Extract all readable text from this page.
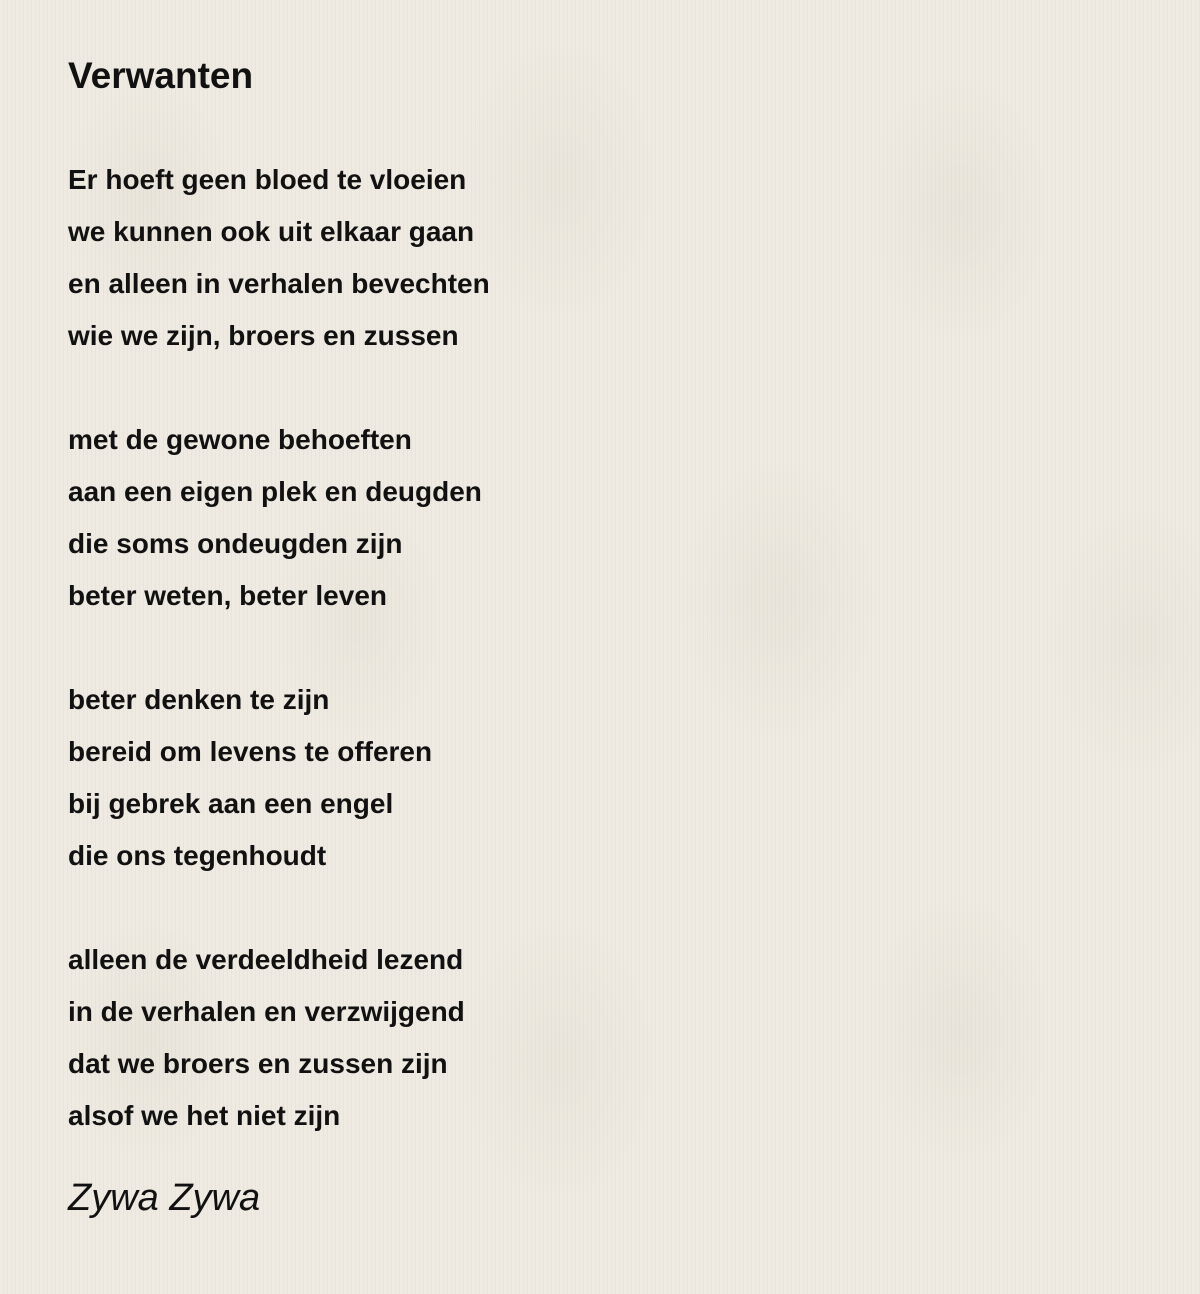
Verwanten
Er hoeft geen bloed te vloeien
we kunnen ook uit elkaar gaan
en alleen in verhalen bevechten
wie we zijn, broers en zussen
met de gewone behoeften
aan een eigen plek en deugden
die soms ondeugden zijn
beter weten, beter leven
beter denken te zijn
bereid om levens te offeren
bij gebrek aan een engel
die ons tegenhoudt
alleen de verdeeldheid lezend
in de verhalen en verzwijgend
dat we broers en zussen zijn
alsof we het niet zijn
Zywa Zywa
